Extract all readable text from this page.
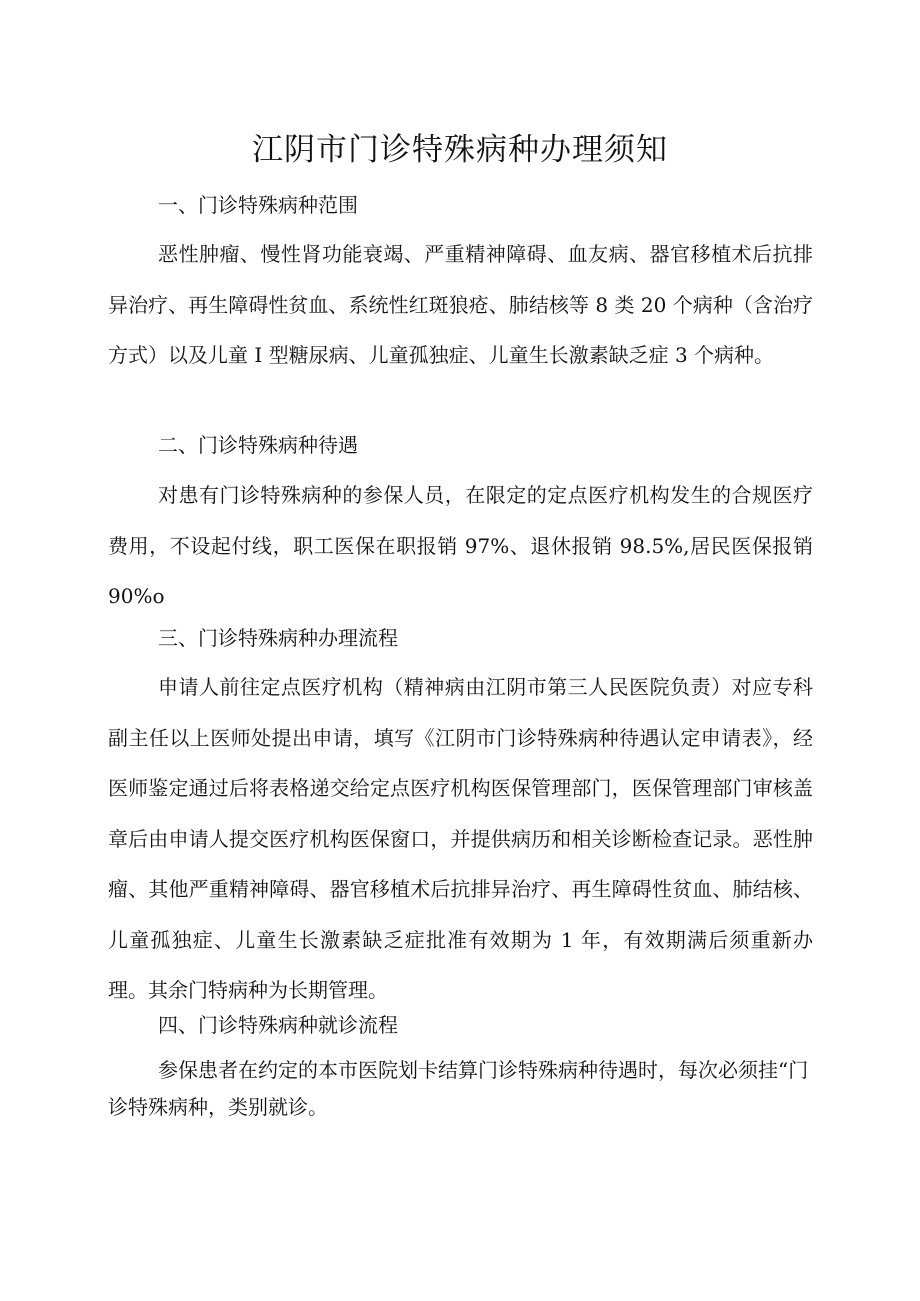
江阴市门诊特殊病种办理须知
一、门诊特殊病种范围

恶性肿瘤、慢性肾功能衰竭、严重精神障碍、血友病、器官移植术后抗排异治疗、再生障碍性贫血、系统性红斑狼疮、肺结核等 8 类 20 个病种（含治疗方式）以及儿童 I 型糖尿病、儿童孤独症、儿童生长激素缺乏症 3 个病种。

二、门诊特殊病种待遇

对患有门诊特殊病种的参保人员，在限定的定点医疗机构发生的合规医疗费用，不设起付线，职工医保在职报销 97%、退休报销 98.5%,居民医保报销 90%o

三、门诊特殊病种办理流程

申请人前往定点医疗机构（精神病由江阴市第三人民医院负责）对应专科副主任以上医师处提出申请，填写《江阴市门诊特殊病种待遇认定申请表》，经医师鉴定通过后将表格递交给定点医疗机构医保管理部门，医保管理部门审核盖章后由申请人提交医疗机构医保窗口，并提供病历和相关诊断检查记录。恶性肿瘤、其他严重精神障碍、器官移植术后抗排异治疗、再生障碍性贫血、肺结核、儿童孤独症、儿童生长激素缺乏症批准有效期为 1 年，有效期满后须重新办理。其余门特病种为长期管理。

四、门诊特殊病种就诊流程

参保患者在约定的本市医院划卡结算门诊特殊病种待遇时，每次必须挂“门诊特殊病种，类别就诊。
